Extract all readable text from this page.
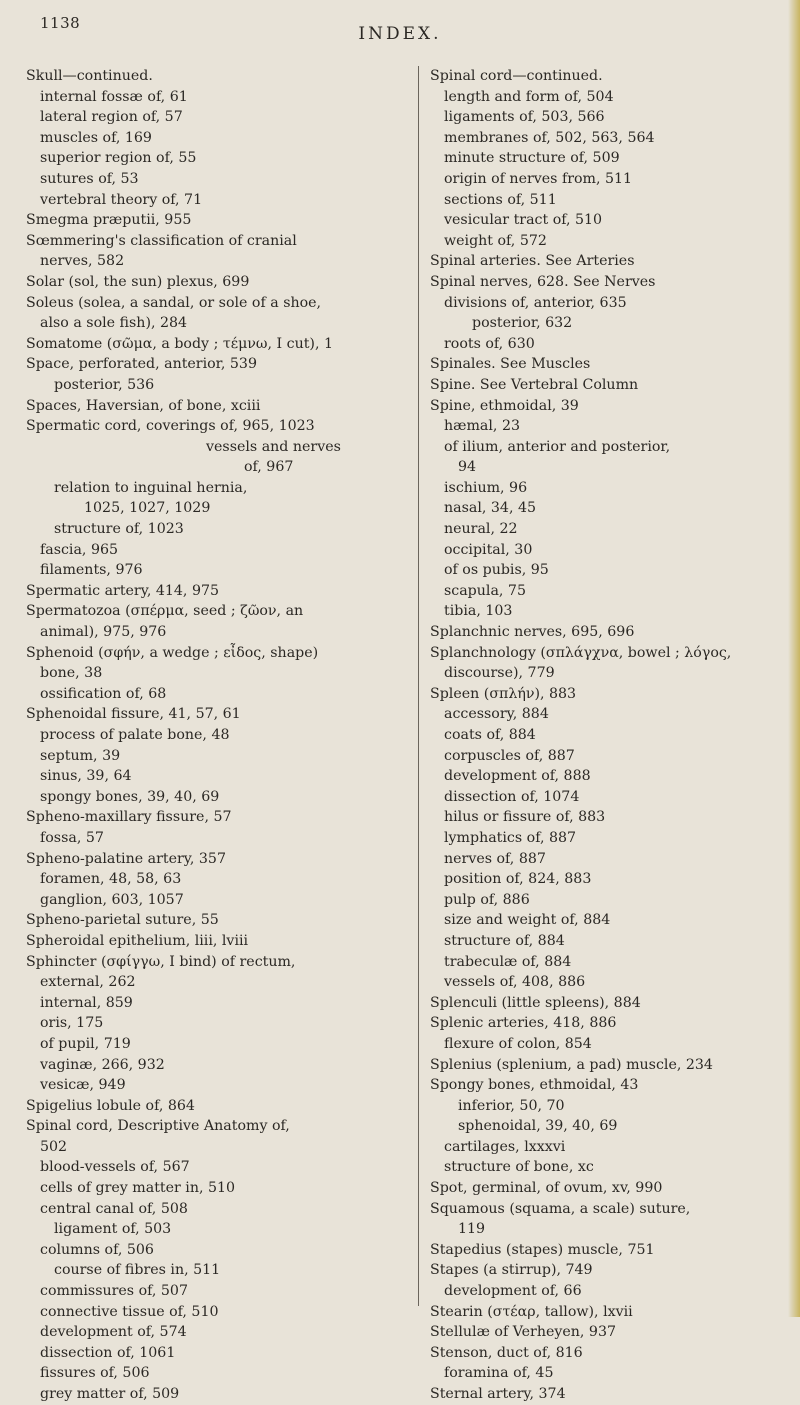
1138
INDEX.
Skull—continued.
internal fossæ of, 61
lateral region of, 57
muscles of, 169
superior region of, 55
sutures of, 53
vertebral theory of, 71
Smegma præputii, 955
Sœmmering's classification of cranial
nerves, 582
Solar (sol, the sun) plexus, 699
Soleus (solea, a sandal, or sole of a shoe,
also a sole fish), 284
Somatome (σῶμα, a body ; τέμνω, I cut), 1
Space, perforated, anterior, 539
posterior, 536
Spaces, Haversian, of bone, xciii
Spermatic cord, coverings of, 965, 1023
vessels and nerves
of, 967
relation to inguinal hernia,
1025, 1027, 1029
structure of, 1023
fascia, 965
filaments, 976
Spermatic artery, 414, 975
Spermatozoa (σπέρμα, seed ; ζῶον, an
animal), 975, 976
Sphenoid (σφήν, a wedge ; εἶδος, shape)
bone, 38
ossification of, 68
Sphenoidal fissure, 41, 57, 61
process of palate bone, 48
septum, 39
sinus, 39, 64
spongy bones, 39, 40, 69
Spheno-maxillary fissure, 57
fossa, 57
Spheno-palatine artery, 357
foramen, 48, 58, 63
ganglion, 603, 1057
Spheno-parietal suture, 55
Spheroidal epithelium, liii, lviii
Sphincter (σφίγγω, I bind) of rectum,
external, 262
internal, 859
oris, 175
of pupil, 719
vaginæ, 266, 932
vesicæ, 949
Spigelius lobule of, 864
Spinal cord, Descriptive Anatomy of,
502
blood-vessels of, 567
cells of grey matter in, 510
central canal of, 508
ligament of, 503
columns of, 506
course of fibres in, 511
commissures of, 507
connective tissue of, 510
development of, 574
dissection of, 1061
fissures of, 506
grey matter of, 509
Spinal cord—continued.
length and form of, 504
ligaments of, 503, 566
membranes of, 502, 563, 564
minute structure of, 509
origin of nerves from, 511
sections of, 511
vesicular tract of, 510
weight of, 572
Spinal arteries. See Arteries
Spinal nerves, 628. See Nerves
divisions of, anterior, 635
posterior, 632
roots of, 630
Spinales. See Muscles
Spine. See Vertebral Column
Spine, ethmoidal, 39
hæmal, 23
of ilium, anterior and posterior,
94
ischium, 96
nasal, 34, 45
neural, 22
occipital, 30
of os pubis, 95
scapula, 75
tibia, 103
Splanchnic nerves, 695, 696
Splanchnology (σπλάγχνα, bowel ; λόγος,
discourse), 779
Spleen (σπλήν), 883
accessory, 884
coats of, 884
corpuscles of, 887
development of, 888
dissection of, 1074
hilus or fissure of, 883
lymphatics of, 887
nerves of, 887
position of, 824, 883
pulp of, 886
size and weight of, 884
structure of, 884
trabeculæ of, 884
vessels of, 408, 886
Splenculi (little spleens), 884
Splenic arteries, 418, 886
flexure of colon, 854
Splenius (splenium, a pad) muscle, 234
Spongy bones, ethmoidal, 43
inferior, 50, 70
sphenoidal, 39, 40, 69
cartilages, lxxxvi
structure of bone, xc
Spot, germinal, of ovum, xv, 990
Squamous (squama, a scale) suture,
119
Stapedius (stapes) muscle, 751
Stapes (a stirrup), 749
development of, 66
Stearin (στέαρ, tallow), lxvii
Stellulæ of Verheyen, 937
Stenson, duct of, 816
foramina of, 45
Sternal artery, 374
